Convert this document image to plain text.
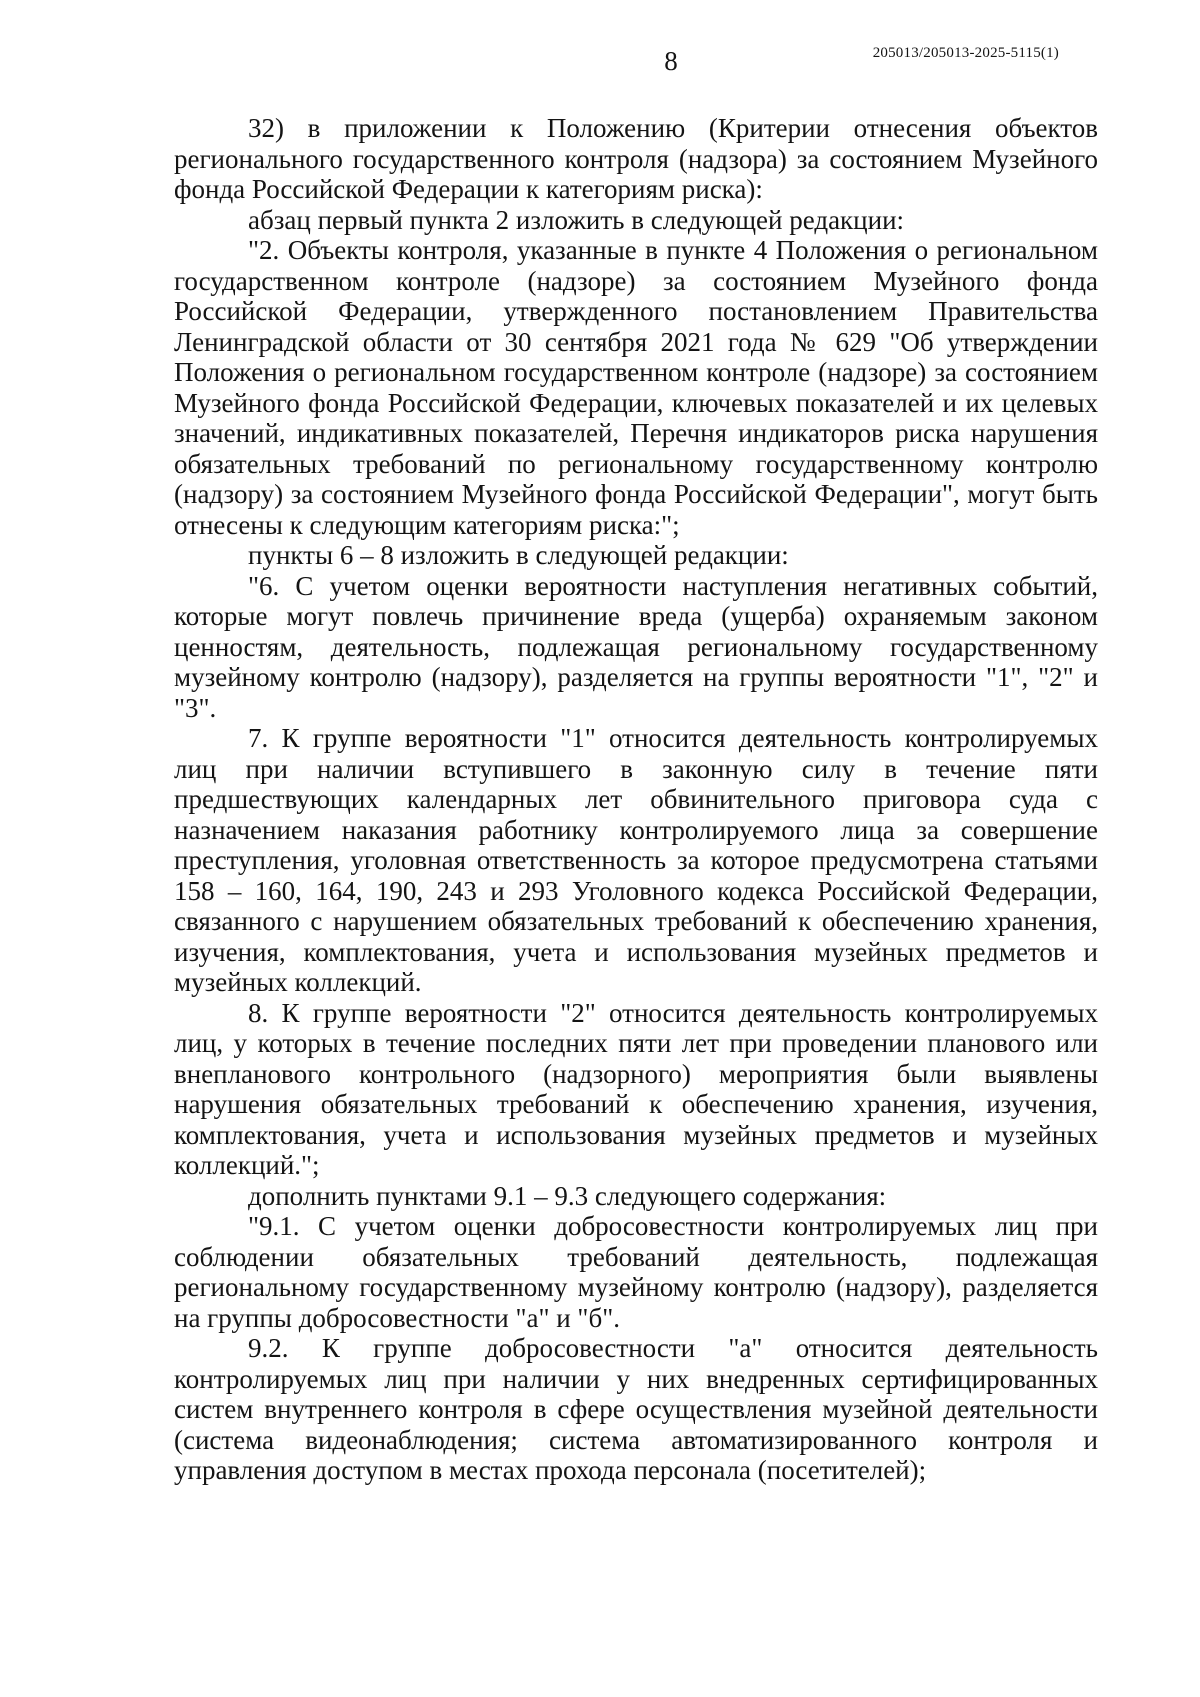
8	205013/205013-2025-5115(1)

32) в приложении к Положению (Критерии отнесения объектов регионального государственного контроля (надзора) за состоянием Музейного фонда Российской Федерации к категориям риска):

абзац первый пункта 2 изложить в следующей редакции:

"2. Объекты контроля, указанные в пункте 4 Положения о региональном государственном контроле (надзоре) за состоянием Музейного фонда Российской Федерации, утвержденного постановлением Правительства Ленинградской области от 30 сентября 2021 года № 629 "Об утверждении Положения о региональном государственном контроле (надзоре) за состоянием Музейного фонда Российской Федерации, ключевых показателей и их целевых значений, индикативных показателей, Перечня индикаторов риска нарушения обязательных требований по региональному государственному контролю (надзору) за состоянием Музейного фонда Российской Федерации", могут быть отнесены к следующим категориям риска:";

пункты 6 – 8 изложить в следующей редакции:

"6. С учетом оценки вероятности наступления негативных событий, которые могут повлечь причинение вреда (ущерба) охраняемым законом ценностям, деятельность, подлежащая региональному государственному музейному контролю (надзору), разделяется на группы вероятности "1", "2" и "3".

7. К группе вероятности "1" относится деятельность контролируемых лиц при наличии вступившего в законную силу в течение пяти предшествующих календарных лет обвинительного приговора суда с назначением наказания работнику контролируемого лица за совершение преступления, уголовная ответственность за которое предусмотрена статьями 158 – 160, 164, 190, 243 и 293 Уголовного кодекса Российской Федерации, связанного с нарушением обязательных требований к обеспечению хранения, изучения, комплектования, учета и использования музейных предметов и музейных коллекций.

8. К группе вероятности "2" относится деятельность контролируемых лиц, у которых в течение последних пяти лет при проведении планового или внепланового контрольного (надзорного) мероприятия были выявлены нарушения обязательных требований к обеспечению хранения, изучения, комплектования, учета и использования музейных предметов и музейных коллекций.";

дополнить пунктами 9.1 – 9.3 следующего содержания:

"9.1. С учетом оценки добросовестности контролируемых лиц при соблюдении обязательных требований деятельность, подлежащая региональному государственному музейному контролю (надзору), разделяется на группы добросовестности "а" и "б".

9.2. К группе добросовестности "а" относится деятельность контролируемых лиц при наличии у них внедренных сертифицированных систем внутреннего контроля в сфере осуществления музейной деятельности (система видеонаблюдения; система автоматизированного контроля и управления доступом в местах прохода персонала (посетителей);
